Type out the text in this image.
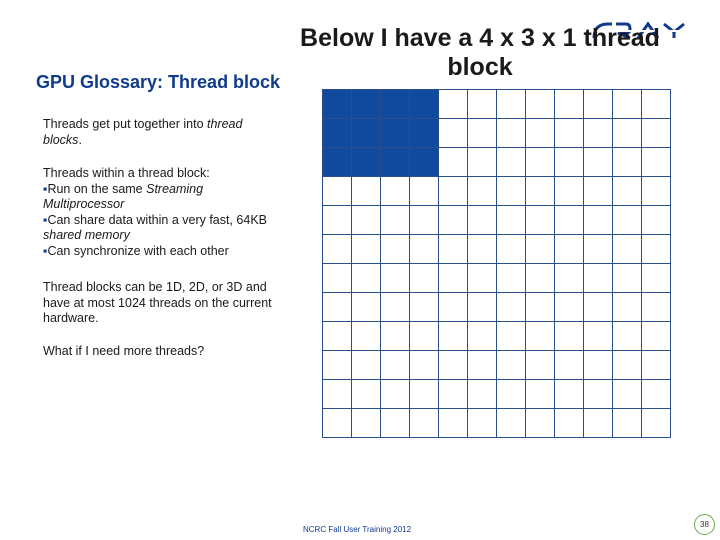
Below I have a 4 x 3 x 1 thread block
GPU Glossary: Thread block
Threads get put together into thread blocks.
Threads within a thread block:
▪Run on the same Streaming Multiprocessor
▪Can share data within a very fast, 64KB shared memory
▪Can synchronize with each other
Thread blocks can be 1D, 2D, or 3D and have at most 1024 threads on the current hardware.
What if I need more threads?
NCRC Fall User Training 2012
38
